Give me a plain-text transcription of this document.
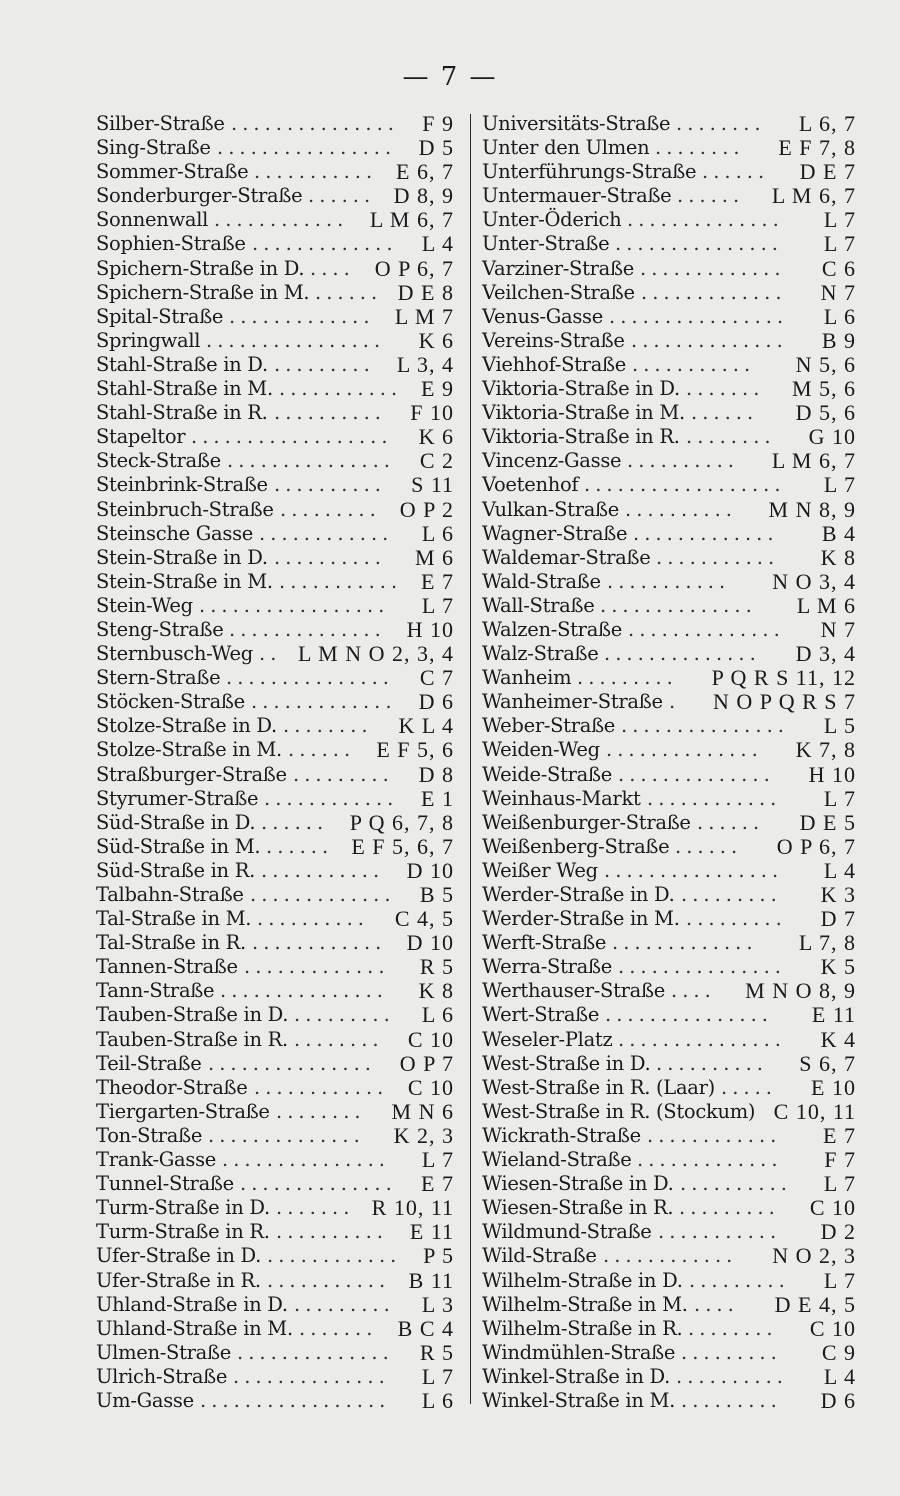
— 7 —
Silber-Straße	F 9
...............
Sing-Straße	D 5
................
Sommer-Straße	E 6, 7
...........
Sonderburger-Straße	D 8, 9
......
Sonnenwall	L M 6, 7
............
Sophien-Straße	L 4
.............
Spichern-Straße in D.	O P 6, 7
....
Spichern-Straße in M.	D E 8
......
Spital-Straße	L M 7
.............
Springwall	K 6
................
Stahl-Straße in D.	L 3, 4
.........
Stahl-Straße in M.	E 9
...........
Stahl-Straße in R.	F 10
..........
Stapeltor	K 6
..................
Steck-Straße	C 2
...............
Steinbrink-Straße	S 11
..........
Steinbruch-Straße	O P 2
.........
Steinsche Gasse	L 6
............
Stein-Straße in D.	M 6
..........
Stein-Straße in M.	E 7
...........
Stein-Weg	L 7
.................
Steng-Straße	H 10
..............
Sternbusch-Weg L M N O 2, 3, 4
..
Stern-Straße	C 7
...............
Stöcken-Straße	D 6
.............
Stolze-Straße in D.	K L 4
........
Stolze-Straße in M.	E F 5, 6
......
Straßburger-Straße	D 8
.........
Styrumer-Straße	E 1
............
Süd-Straße in D.	P Q 6, 7, 8
......
Süd-Straße in M.	E F 5, 6, 7
......
Süd-Straße in R.	D 10
...........
Talbahn-Straße	B 5
.............
Tal-Straße in M.	C 4, 5
..........
Tal-Straße in R.	D 10
............
Tannen-Straße	R 5
.............
Tann-Straße	K 8
...............
Tauben-Straße in D.	L 6
.........
Tauben-Straße in R.	C 10
........
Teil-Straße	O P 7
...............
Theodor-Straße	C 10
............
Tiergarten-Straße	M N 6
........
Ton-Straße	K 2, 3
..............
Trank-Gasse	L 7
...............
Tunnel-Straße	E 7
..............
Turm-Straße in D.	R 10, 11
.......
Turm-Straße in R.	E 11
..........
Ufer-Straße in D.	P 5
............
Ufer-Straße in R.	B 11
...........
Uhland-Straße in D.	L 3
.........
Uhland-Straße in M.	B C 4
.......
Ulmen-Straße	R 5
..............
Ulrich-Straße	L 7
..............
Um-Gasse	L 6
.................
Universitäts-Straße	L 6, 7
........
Unter den Ulmen	E F 7, 8
........
Unterführungs-Straße	D E 7
......
Untermauer-Straße	L M 6, 7
......
Unter-Öderich	L 7
..............
Unter-Straße	L 7
...............
Varziner-Straße	C 6
.............
Veilchen-Straße	N 7
.............
Venus-Gasse	L 6
................
Vereins-Straße	B 9
..............
Viehhof-Straße	N 5, 6
...........
Viktoria-Straße in D.	M 5, 6
.......
Viktoria-Straße in M.	D 5, 6
......
Viktoria-Straße in R.	G 10
........
Vincenz-Gasse	L M 6, 7
..........
Voetenhof	L 7
..................
Vulkan-Straße	M N 8, 9
..........
Wagner-Straße	B 4
.............
Waldemar-Straße	K 8
...........
Wald-Straße	N O 3, 4
...........
Wall-Straße	L M 6
..............
Walzen-Straße	N 7
..............
Walz-Straße	D 3, 4
..............
Wanheim	P Q R S 11, 12
.........
Wanheimer-Straße N O P Q R S 7
.
Weber-Straße	L 5
...............
Weiden-Weg	K 7, 8
..............
Weide-Straße	H 10
..............
Weinhaus-Markt	L 7
............
Weißenburger-Straße	D E 5
......
Weißenberg-Straße	O P 6, 7
......
Weißer Weg	L 4
................
Werder-Straße in D.	K 3
.........
Werder-Straße in M.	D 7
.........
Werft-Straße	L 7, 8
.............
Werra-Straße	K 5
...............
Werthauser-Straße	M N O 8, 9
....
Wert-Straße	E 11
...............
Weseler-Platz	K 4
...............
West-Straße in D.	S 6, 7
..........
West-Straße in R. (Laar)	E 10
.....
West-Straße in R. (Stockum) C 10, 11
Wickrath-Straße	E 7
............
Wieland-Straße	F 7
.............
Wiesen-Straße in D.	L 7
..........
Wiesen-Straße in R.	C 10
.........
Wildmund-Straße	D 2
...........
Wild-Straße	N O 2, 3
............
Wilhelm-Straße in D.	L 7
.........
Wilhelm-Straße in M.	D E 4, 5
....
Wilhelm-Straße in R.	C 10
........
Windmühlen-Straße	C 9
.........
Winkel-Straße in D.	L 4
..........
Winkel-Straße in M.	D 6
.........
